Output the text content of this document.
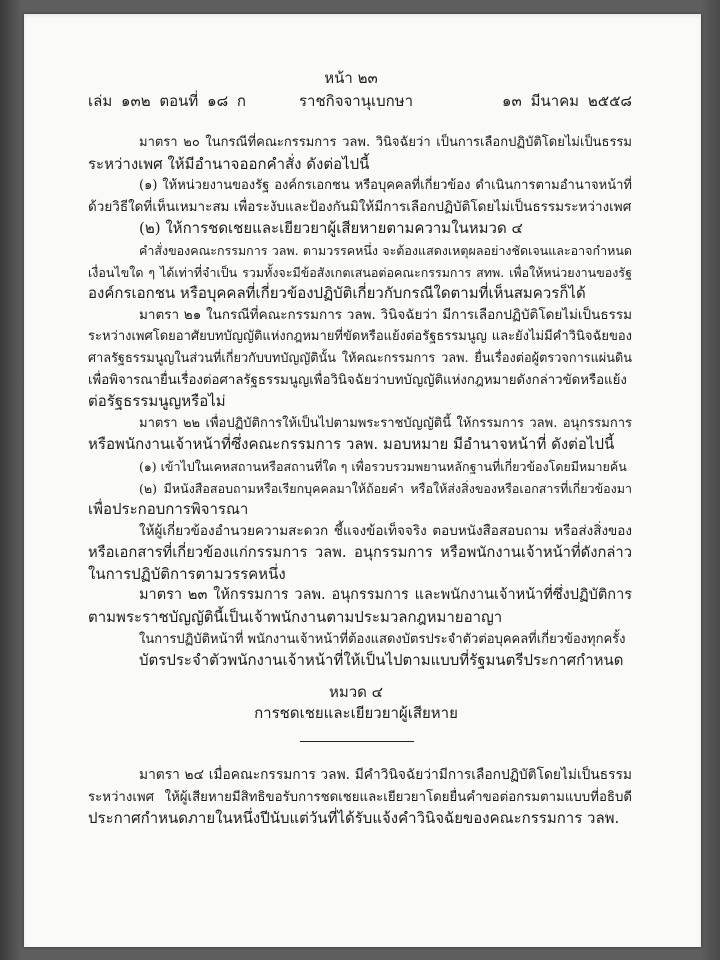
หน้า ๒๓
เล่ม ๑๓๒ ตอนที่ ๑๘ ก	ราชกิจจานุเบกษา	๑๓ มีนาคม ๒๕๕๘
มาตรา ๒๐ ในกรณีที่คณะกรรมการ วลพ. วินิจฉัยว่า เป็นการเลือกปฏิบัติโดยไม่เป็นธรรม
ระหว่างเพศ ให้มีอำนาจออกคำสั่ง ดังต่อไปนี้
(๑) ให้หน่วยงานของรัฐ องค์กรเอกชน หรือบุคคลที่เกี่ยวข้อง ดำเนินการตามอำนาจหน้าที่
ด้วยวิธีใดที่เห็นเหมาะสม เพื่อระงับและป้องกันมิให้มีการเลือกปฏิบัติโดยไม่เป็นธรรมระหว่างเพศ
(๒) ให้การชดเชยและเยียวยาผู้เสียหายตามความในหมวด ๔
คำสั่งของคณะกรรมการ วลพ. ตามวรรคหนึ่ง จะต้องแสดงเหตุผลอย่างชัดเจนและอาจกำหนด
เงื่อนไขใด ๆ ได้เท่าที่จำเป็น รวมทั้งจะมีข้อสังเกตเสนอต่อคณะกรรมการ สทพ. เพื่อให้หน่วยงานของรัฐ
องค์กรเอกชน หรือบุคคลที่เกี่ยวข้องปฏิบัติเกี่ยวกับกรณีใดตามที่เห็นสมควรก็ได้
มาตรา ๒๑ ในกรณีที่คณะกรรมการ วลพ. วินิจฉัยว่า มีการเลือกปฏิบัติโดยไม่เป็นธรรม
ระหว่างเพศโดยอาศัยบทบัญญัติแห่งกฎหมายที่ขัดหรือแย้งต่อรัฐธรรมนูญ และยังไม่มีคำวินิจฉัยของ
ศาลรัฐธรรมนูญในส่วนที่เกี่ยวกับบทบัญญัตินั้น ให้คณะกรรมการ วลพ. ยื่นเรื่องต่อผู้ตรวจการแผ่นดิน
เพื่อพิจารณายื่นเรื่องต่อศาลรัฐธรรมนูญเพื่อวินิจฉัยว่าบทบัญญัติแห่งกฎหมายดังกล่าวขัดหรือแย้ง
ต่อรัฐธรรมนูญหรือไม่
มาตรา ๒๒ เพื่อปฏิบัติการให้เป็นไปตามพระราชบัญญัตินี้ ให้กรรมการ วลพ. อนุกรรมการ
หรือพนักงานเจ้าหน้าที่ซึ่งคณะกรรมการ วลพ. มอบหมาย มีอำนาจหน้าที่ ดังต่อไปนี้
(๑) เข้าไปในเคหสถานหรือสถานที่ใด ๆ เพื่อรวบรวมพยานหลักฐานที่เกี่ยวข้องโดยมีหมายค้น
(๒) มีหนังสือสอบถามหรือเรียกบุคคลมาให้ถ้อยคำ หรือให้ส่งสิ่งของหรือเอกสารที่เกี่ยวข้องมา
เพื่อประกอบการพิจารณา
ให้ผู้เกี่ยวข้องอำนวยความสะดวก ชี้แจงข้อเท็จจริง ตอบหนังสือสอบถาม หรือส่งสิ่งของ
หรือเอกสารที่เกี่ยวข้องแก่กรรมการ วลพ. อนุกรรมการ หรือพนักงานเจ้าหน้าที่ดังกล่าว
ในการปฏิบัติการตามวรรคหนึ่ง
มาตรา ๒๓ ให้กรรมการ วลพ. อนุกรรมการ และพนักงานเจ้าหน้าที่ซึ่งปฏิบัติการ
ตามพระราชบัญญัตินี้เป็นเจ้าพนักงานตามประมวลกฎหมายอาญา
ในการปฏิบัติหน้าที่ พนักงานเจ้าหน้าที่ต้องแสดงบัตรประจำตัวต่อบุคคลที่เกี่ยวข้องทุกครั้ง
บัตรประจำตัวพนักงานเจ้าหน้าที่ให้เป็นไปตามแบบที่รัฐมนตรีประกาศกำหนด
หมวด ๔
การชดเชยและเยียวยาผู้เสียหาย
มาตรา ๒๔ เมื่อคณะกรรมการ วลพ. มีคำวินิจฉัยว่ามีการเลือกปฏิบัติโดยไม่เป็นธรรม
ระหว่างเพศ ให้ผู้เสียหายมีสิทธิขอรับการชดเชยและเยียวยาโดยยื่นคำขอต่อกรมตามแบบที่อธิบดี
ประกาศกำหนดภายในหนึ่งปีนับแต่วันที่ได้รับแจ้งคำวินิจฉัยของคณะกรรมการ วลพ.
